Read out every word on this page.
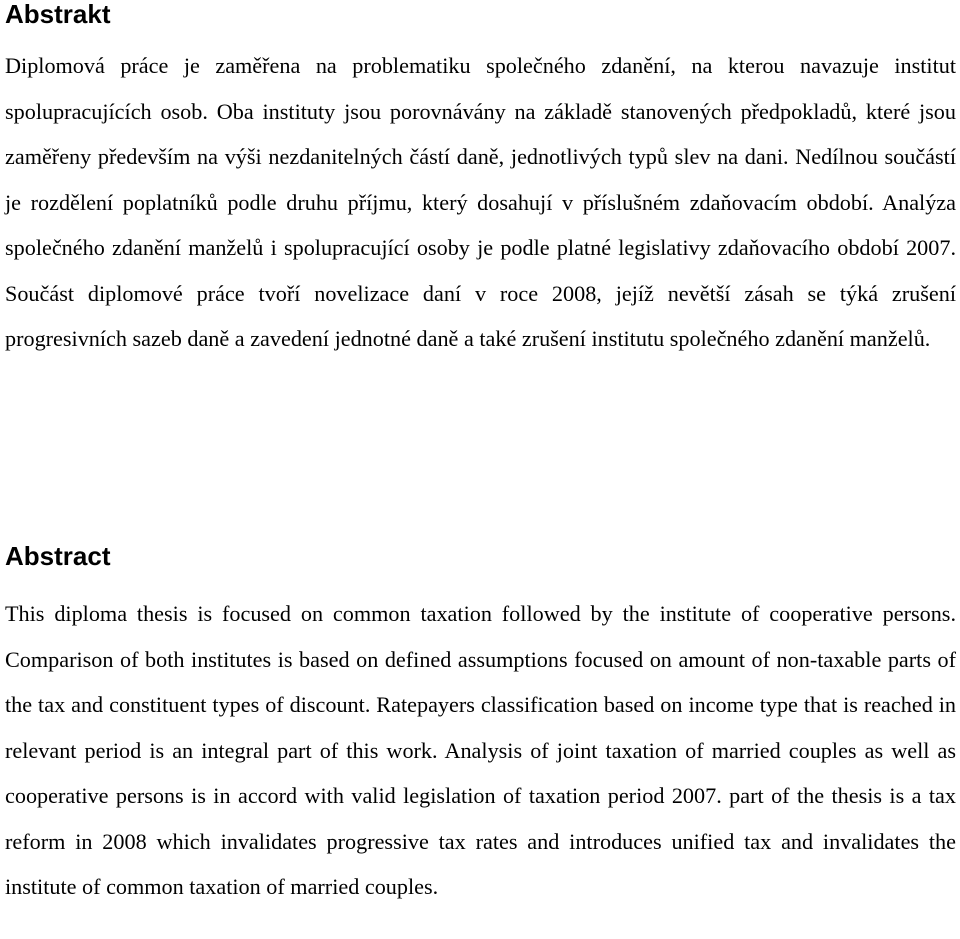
Abstrakt

Diplomová práce je zaměřena na problematiku společného zdanění, na kterou navazuje institut spolupracujících osob. Oba instituty jsou porovnávány na základě stanovených předpokladů, které jsou zaměřeny především na výši nezdanitelných částí daně, jednotlivých typů slev na dani. Nedílnou součástí je rozdělení poplatníků podle druhu příjmu, který dosahují v příslušném zdaňovacím období. Analýza společného zdanění manželů i spolupracující osoby je podle platné legislativy zdaňovacího období 2007. Součást diplomové práce tvoří novelizace daní v roce 2008, jejíž nevětší zásah se týká zrušení progresivních sazeb daně a zavedení jednotné daně a také zrušení institutu společného zdanění manželů.

Abstract

This diploma thesis is focused on common taxation followed by the institute of cooperative persons. Comparison of both institutes is based on defined assumptions focused on amount of non-taxable parts of the tax and constituent types of discount. Ratepayers classification based on income type that is reached in relevant period is an integral part of this work. Analysis of joint taxation of married couples as well as cooperative persons is in accord with valid legislation of taxation period 2007. part of the thesis is a tax reform in 2008 which invalidates progressive tax rates and introduces unified tax and invalidates the institute of common taxation of married couples.
